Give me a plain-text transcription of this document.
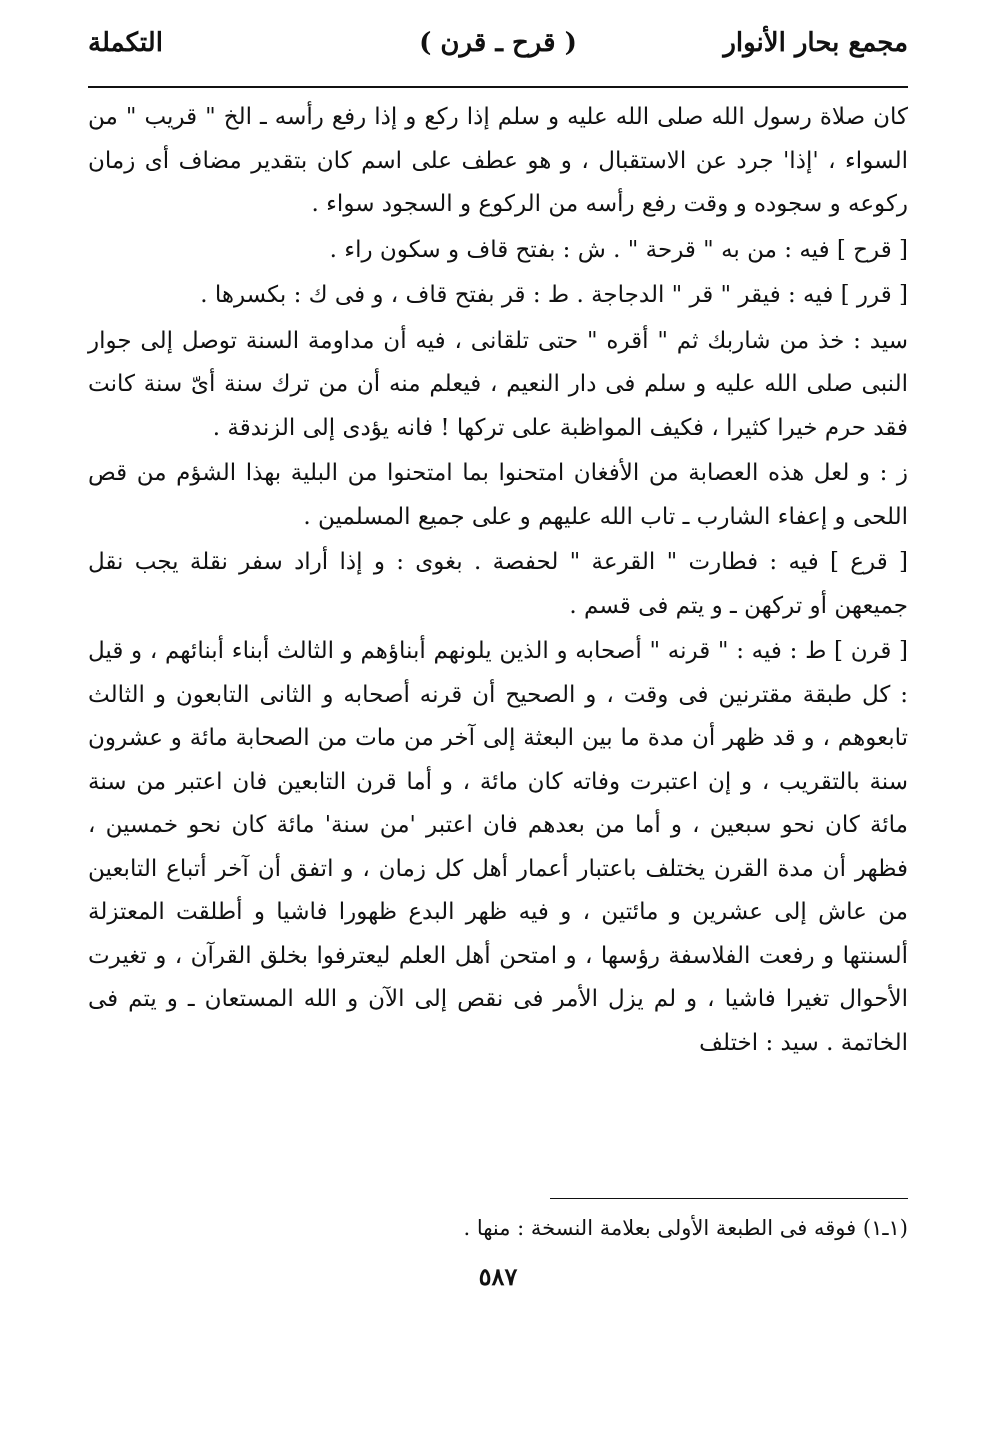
مجمع بحار الأنوار
( قرح ـ قرن )
التكملة

كان صلاة رسول الله صلى الله عليه و سلم إذا ركع و إذا رفع رأسه ـ الخ " قريب " من السواء ، 'إذا' جرد عن الاستقبال ، و هو عطف على اسم كان بتقدير مضاف أى زمان ركوعه و سجوده و وقت رفع رأسه من الركوع و السجود سواء .

[ قرح ] فيه : من به " قرحة " . ش : بفتح قاف و سكون راء .

[ قرر ] فيه : فيقر " قر " الدجاجة . ط : قر بفتح قاف ، و فى ك : بكسرها .

سيد : خذ من شاربك ثم " أقره " حتى تلقانى ، فيه أن مداومة السنة توصل إلى جوار النبى صلى الله عليه و سلم فى دار النعيم ، فيعلم منه أن من ترك سنة أىّ سنة كانت فقد حرم خيرا كثيرا ، فكيف المواظبة على تركها ! فانه يؤدى إلى الزندقة .

ز : و لعل هذه العصابة من الأفغان امتحنوا بما امتحنوا من البلية بهذا الشؤم من قص اللحى و إعفاء الشارب ـ تاب الله عليهم و على جميع المسلمين .

[ قرع ] فيه : فطارت " القرعة " لحفصة . بغوى : و إذا أراد سفر نقلة يجب نقل جميعهن أو تركهن ـ و يتم فى قسم .

[ قرن ] ط : فيه : " قرنه " أصحابه و الذين يلونهم أبناؤهم و الثالث أبناء أبنائهم ، و قيل : كل طبقة مقترنين فى وقت ، و الصحيح أن قرنه أصحابه و الثانى التابعون و الثالث تابعوهم ، و قد ظهر أن مدة ما بين البعثة إلى آخر من مات من الصحابة مائة و عشرون سنة بالتقريب ، و إن اعتبرت وفاته كان مائة ، و أما قرن التابعين فان اعتبر من سنة مائة كان نحو سبعين ، و أما من بعدهم فان اعتبر 'من سنة' مائة كان نحو خمسين ، فظهر أن مدة القرن يختلف باعتبار أعمار أهل كل زمان ، و اتفق أن آخر أتباع التابعين من عاش إلى عشرين و مائتين ، و فيه ظهر البدع ظهورا فاشيا و أطلقت المعتزلة ألسنتها و رفعت الفلاسفة رؤسها ، و امتحن أهل العلم ليعترفوا بخلق القرآن ، و تغيرت الأحوال تغيرا فاشيا ، و لم يزل الأمر فى نقص إلى الآن و الله المستعان ـ و يتم فى الخاتمة . سيد : اختلف

(١ـ١) فوقه فى الطبعة الأولى بعلامة النسخة : منها .
٥٨٧
